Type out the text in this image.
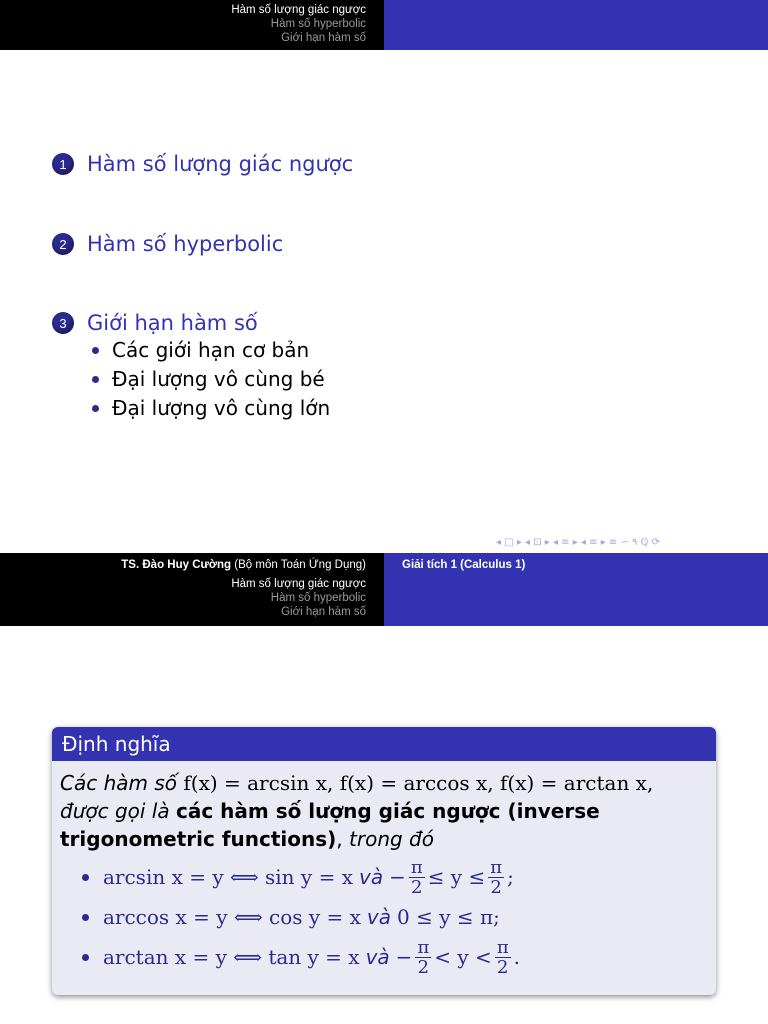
Hàm số lượng giác ngược
Hàm số hyperbolic
Giới hạn hàm số
1 Hàm số lượng giác ngược
2 Hàm số hyperbolic
3 Giới hạn hàm số
Các giới hạn cơ bản
Đại lượng vô cùng bé
Đại lượng vô cùng lớn
◂ □ ▸ ◂ ⊡ ▸ ◂ ≡ ▸ ◂ ≡ ▸ ≡ ∽ ۹ ℚ ⟳
TS. Đào Huy Cường (Bộ môn Toán Ứng Dụng)
Hàm số lượng giác ngược
Hàm số hyperbolic
Giới hạn hàm số
Giải tích 1 (Calculus 1)
Định nghĩa
Các hàm số f(x) = arcsin x, f(x) = arccos x, f(x) = arctan x,
được gọi là các hàm số lượng giác ngược (inverse
trigonometric functions), trong đó
arcsin x = y ⟺ sin y = x và − $\frac{\pi}{2} \le y \le \frac{\pi}{2}$ ;
arccos x = y ⟺ cos y = x và 0 ≤ y ≤ π;
arctan x = y ⟺ tan y = x và − $\frac{\pi}{2} < y < \frac{\pi}{2}$ .
